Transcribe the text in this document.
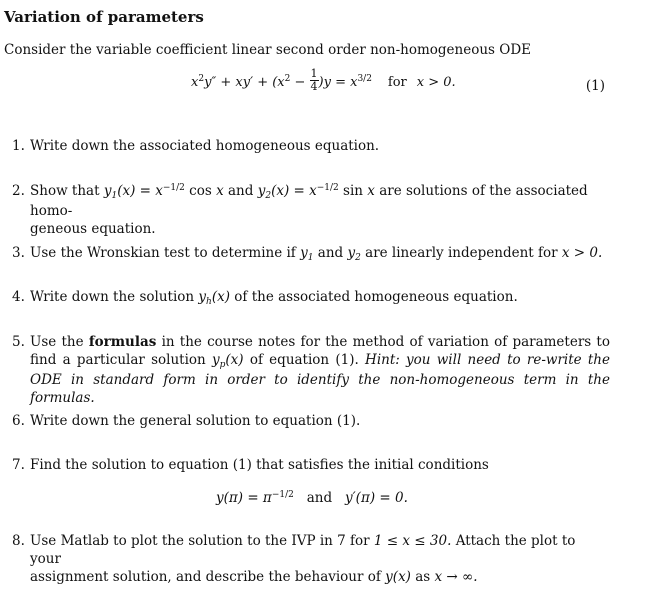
Variation of parameters
Consider the variable coefficient linear second order non-homogeneous ODE
$x^2y'' + xy' + (x^2 - \frac{1}{4} )y = x^{3/2}$ for x > 0.	(1)
1. Write down the associated homogeneous equation.
2. Show that $y_1(x) = x^{-1/2}$ cos x and $y_2(x) = x^{-1/2}$ sin x are solutions of the associated homo-
geneous equation.
3. Use the Wronskian test to determine if $y_1$ and $y_2$ are linearly independent for x > 0.
4. Write down the solution $y_h(x)$ of the associated homogeneous equation.
5. Use the formulas in the course notes for the method of variation of parameters to find a particular solution $y_p(x)$ of equation (1). Hint: you will need to re-write the ODE in standard form in order to identify the non-homogeneous term in the formulas.
6. Write down the general solution to equation (1).
7. Find the solution to equation (1) that satisfies the initial conditions
$y(\pi) = \pi^{-1/2}$ and y′(π) = 0.
8. Use Matlab to plot the solution to the IVP in 7 for 1 ≤ x ≤ 30. Attach the plot to your
assignment solution, and describe the behaviour of y(x) as x → ∞.
